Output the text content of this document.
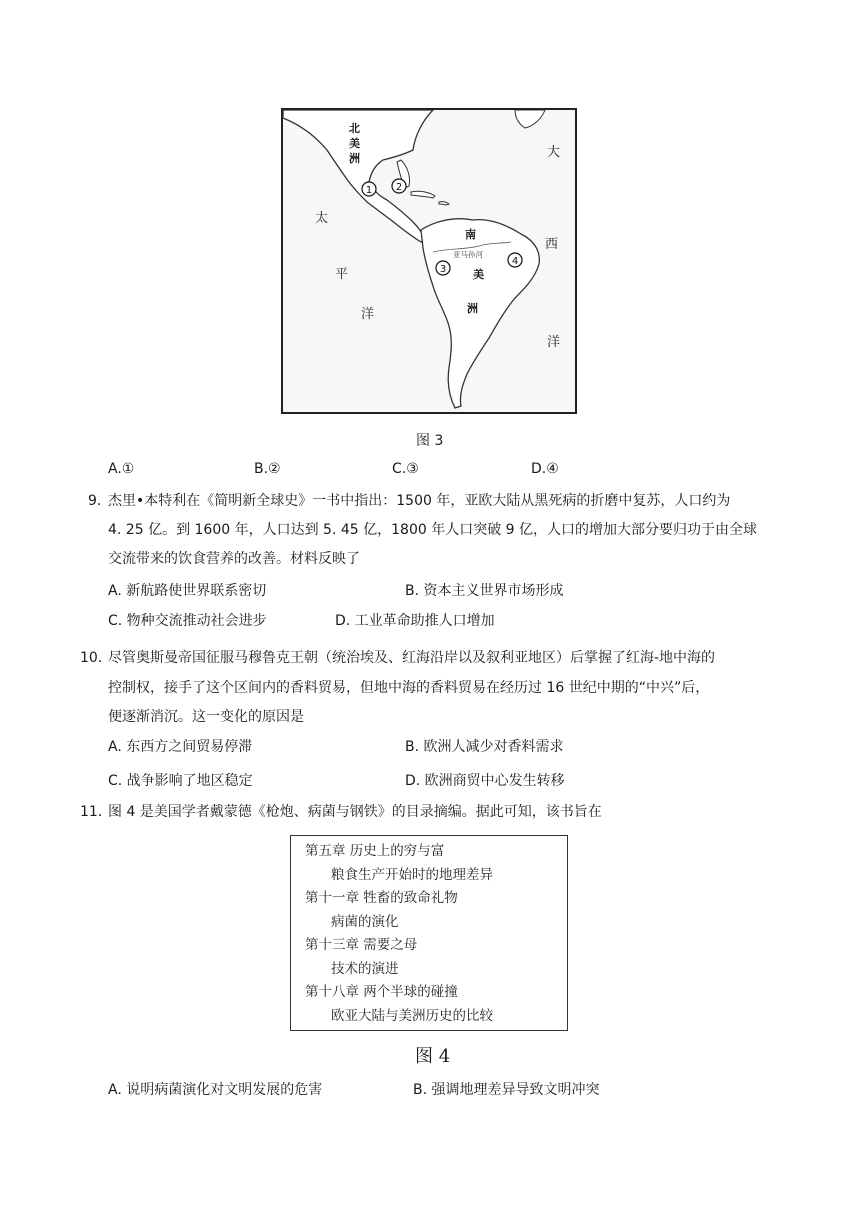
北
美
洲	大
西
洋
太
平
洋
南
美
洲
亚马孙河
1 2
3
4
图 3
A.①	B.②	C.③	D.④
9．
杰里•本特利在《简明新全球史》一书中指出：1500 年，亚欧大陆从黑死病的折磨中复苏，人口约为
4. 25 亿。到 1600 年，人口达到 5. 45 亿，1800 年人口突破 9 亿，人口的增加大部分要归功于由全球
交流带来的饮食营养的改善。材料反映了
A. 新航路使世界联系密切	B. 资本主义世界市场形成
C. 物种交流推动社会进步	D. 工业革命助推人口增加
10．
尽管奥斯曼帝国征服马穆鲁克王朝（统治埃及、红海沿岸以及叙利亚地区）后掌握了红海-地中海的
控制权，接手了这个区间内的香料贸易，但地中海的香料贸易在经历过 16 世纪中期的“中兴”后，
便逐渐消沉。这一变化的原因是
A. 东西方之间贸易停滞	B. 欧洲人减少对香料需求
C. 战争影响了地区稳定	D. 欧洲商贸中心发生转移
11．
图 4 是美国学者戴蒙德《枪炮、病菌与钢铁》的目录摘编。据此可知，该书旨在
第五章 历史上的穷与富
粮食生产开始时的地理差异
第十一章 牲畜的致命礼物
病菌的演化
第十三章 需要之母
技术的演进
第十八章 两个半球的碰撞
欧亚大陆与美洲历史的比较
图 4
A. 说明病菌演化对文明发展的危害	B. 强调地理差异导致文明冲突
